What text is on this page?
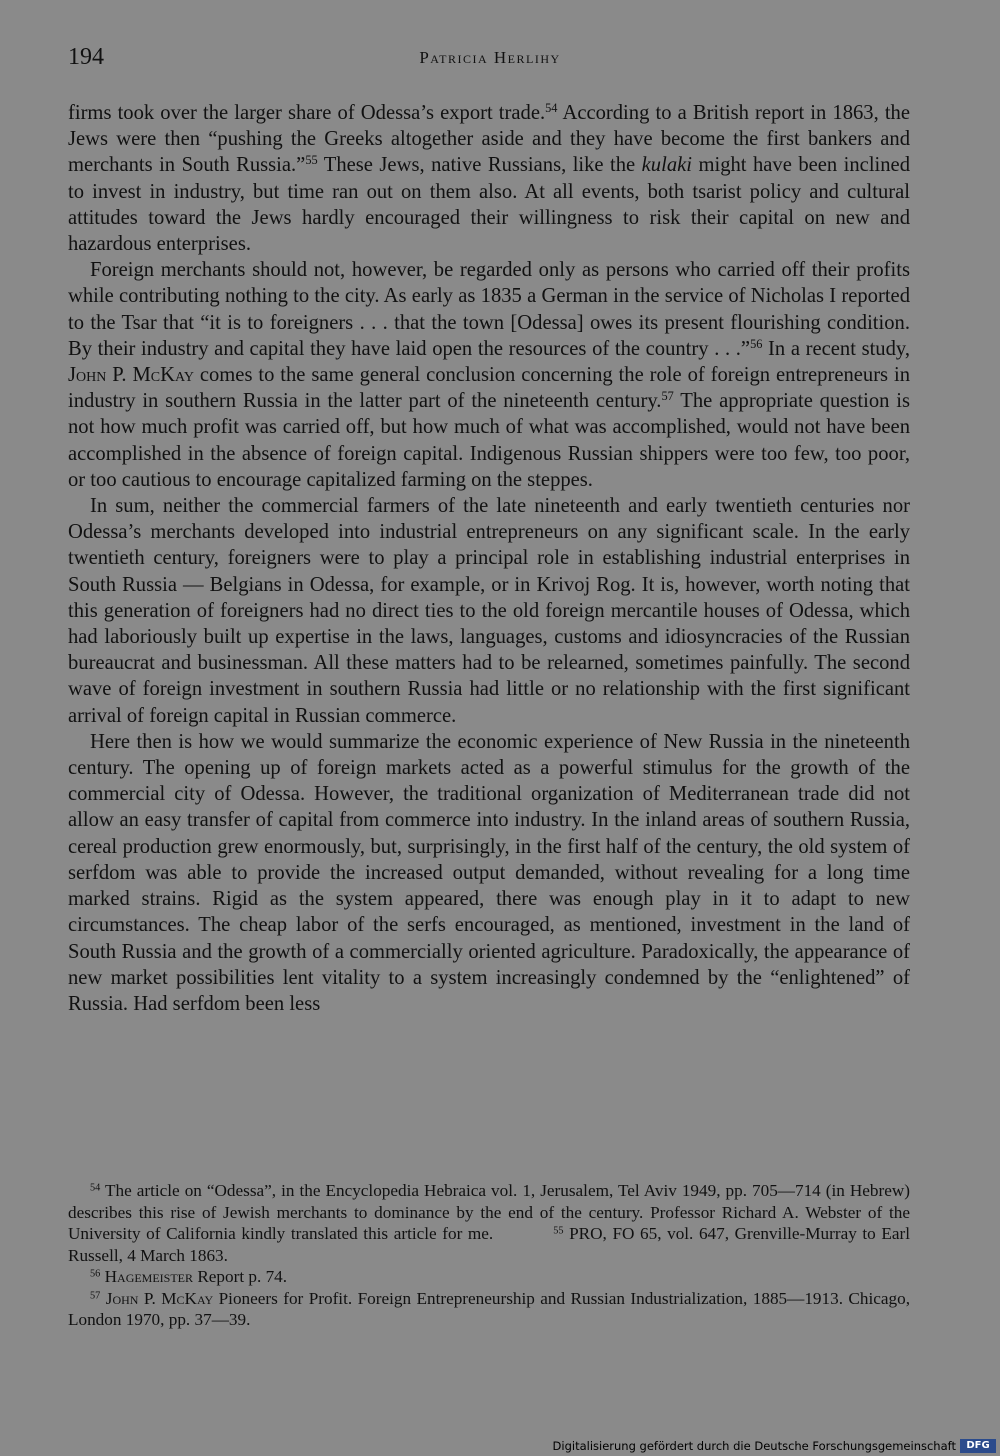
194	Patricia Herlihy

firms took over the larger share of Odessa’s export trade.$^{54}$ According to a British report in 1863, the Jews were then “pushing the Greeks altogether aside and they have become the first bankers and merchants in South Russia.”$^{55}$ These Jews, native Russians, like the kulaki might have been inclined to invest in industry, but time ran out on them also. At all events, both tsarist policy and cultural attitudes toward the Jews hardly encouraged their willingness to risk their capital on new and hazardous enterprises.

Foreign merchants should not, however, be regarded only as persons who carried off their profits while contributing nothing to the city. As early as 1835 a German in the service of Nicholas I reported to the Tsar that “it is to foreigners . . . that the town [Odessa] owes its present flourishing condition. By their industry and capital they have laid open the resources of the country . . .”$^{56}$ In a recent study, John P. McKay comes to the same general conclusion concerning the role of foreign entrepreneurs in industry in southern Russia in the latter part of the nineteenth century.$^{57}$ The appropriate question is not how much profit was carried off, but how much of what was accomplished, would not have been accomplished in the absence of foreign capital. Indigenous Russian shippers were too few, too poor, or too cautious to encourage capitalized farming on the steppes.

In sum, neither the commercial farmers of the late nineteenth and early twentieth centuries nor Odessa’s merchants developed into industrial entrepreneurs on any significant scale. In the early twentieth century, foreigners were to play a principal role in establishing industrial enterprises in South Russia — Belgians in Odessa, for example, or in Krivoj Rog. It is, however, worth noting that this generation of foreigners had no direct ties to the old foreign mercantile houses of Odessa, which had laboriously built up expertise in the laws, languages, customs and idiosyncracies of the Russian bureaucrat and businessman. All these matters had to be relearned, sometimes painfully. The second wave of foreign investment in southern Russia had little or no relationship with the first significant arrival of foreign capital in Russian commerce.

Here then is how we would summarize the economic experience of New Russia in the nineteenth century. The opening up of foreign markets acted as a powerful stimulus for the growth of the commercial city of Odessa. However, the traditional organization of Mediterranean trade did not allow an easy transfer of capital from commerce into industry. In the inland areas of southern Russia, cereal production grew enormously, but, surprisingly, in the first half of the century, the old system of serfdom was able to provide the increased output demanded, without revealing for a long time marked strains. Rigid as the system appeared, there was enough play in it to adapt to new circumstances. The cheap labor of the serfs encouraged, as mentioned, investment in the land of South Russia and the growth of a commercially oriented agriculture. Paradoxically, the appearance of new market possibilities lent vitality to a system increasingly condemned by the “enlightened” of Russia. Had serfdom been less

$^{54}$ The article on “Odessa”, in the Encyclopedia Hebraica vol. 1, Jerusalem, Tel Aviv 1949, pp. 705—714 (in Hebrew) describes this rise of Jewish merchants to dominance by the end of the century. Professor Richard A. Webster of the University of California kindly translated this article for me.	$^{55}$ PRO, FO 65, vol. 647, Grenville-Murray to Earl Russell, 4 March 1863.

$^{56}$ Hagemeister Report p. 74.

$^{57}$ John P. McKay Pioneers for Profit. Foreign Entrepreneurship and Russian Industrialization, 1885—1913. Chicago, London 1970, pp. 37—39.

Digitalisierung gefördert durch die Deutsche Forschungsgemeinschaft	DFG
